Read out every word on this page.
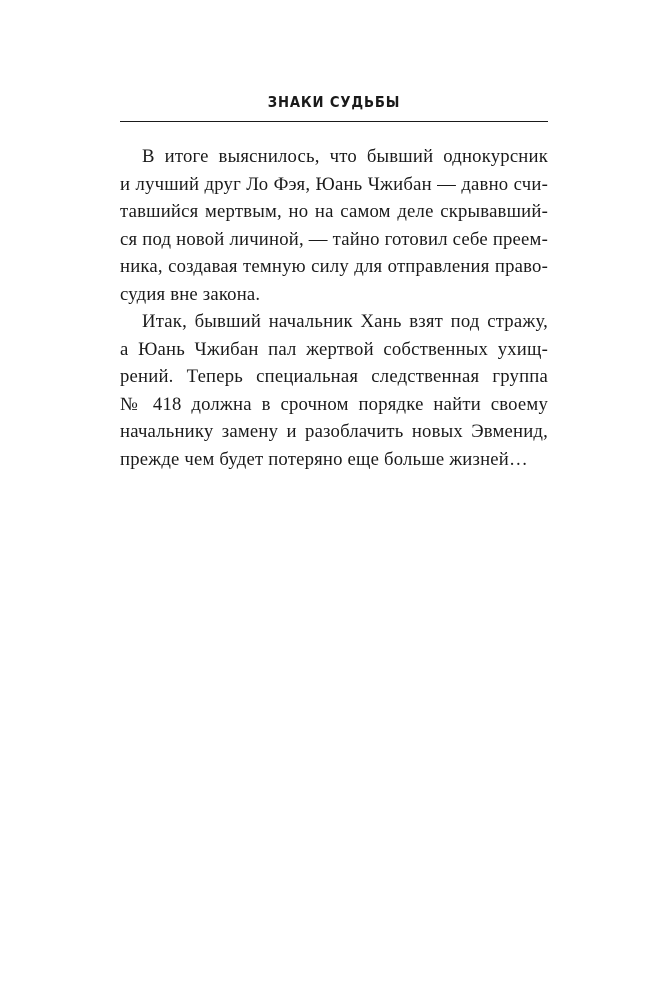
ЗНАКИ СУДЬБЫ
В итоге выяснилось, что бывший однокурсник
и лучший друг Ло Фэя, Юань Чжибан — давно счи-
тавшийся мертвым, но на самом деле скрывавший-
ся под новой личиной, — тайно готовил себе преем-
ника, создавая темную силу для отправления право-
судия вне закона.
Итак, бывший начальник Хань взят под стражу,
а Юань Чжибан пал жертвой собственных ухищ-
рений. Теперь специальная следственная группа
№ 418 должна в срочном порядке найти своему
начальнику замену и разоблачить новых Эвменид,
прежде чем будет потеряно еще больше жизней…
